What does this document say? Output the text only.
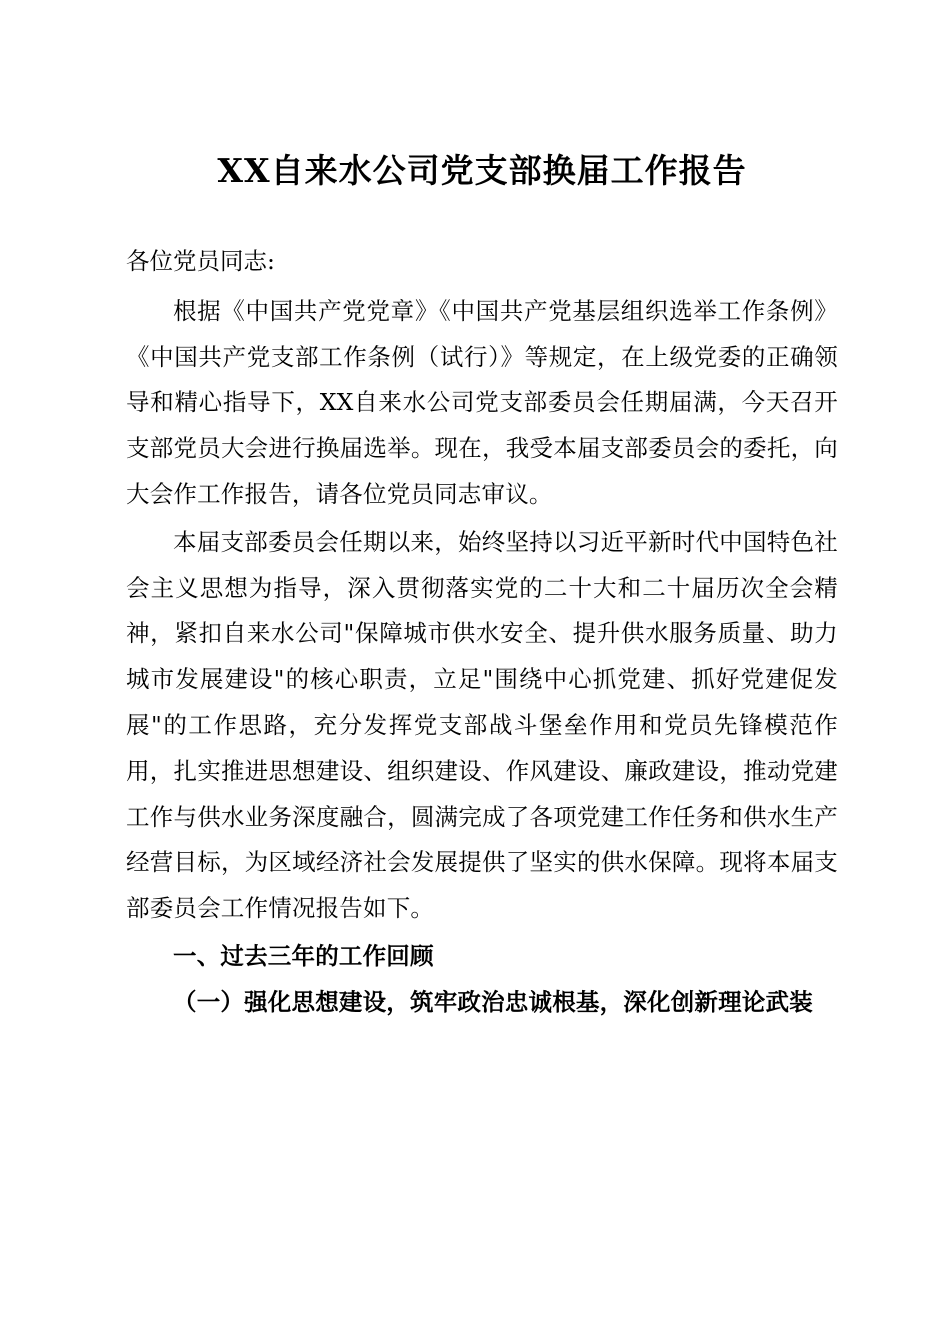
XX自来水公司党支部换届工作报告

各位党员同志:

根据《中国共产党党章》《中国共产党基层组织选举工作条例》《中国共产党支部工作条例（试行）》等规定，在上级党委的正确领导和精心指导下，XX自来水公司党支部委员会任期届满，今天召开支部党员大会进行换届选举。现在，我受本届支部委员会的委托，向大会作工作报告，请各位党员同志审议。

本届支部委员会任期以来，始终坚持以习近平新时代中国特色社会主义思想为指导，深入贯彻落实党的二十大和二十届历次全会精神，紧扣自来水公司"保障城市供水安全、提升供水服务质量、助力城市发展建设"的核心职责，立足"围绕中心抓党建、抓好党建促发展"的工作思路，充分发挥党支部战斗堡垒作用和党员先锋模范作用，扎实推进思想建设、组织建设、作风建设、廉政建设，推动党建工作与供水业务深度融合，圆满完成了各项党建工作任务和供水生产经营目标，为区域经济社会发展提供了坚实的供水保障。现将本届支部委员会工作情况报告如下。

一、过去三年的工作回顾

（一）强化思想建设，筑牢政治忠诚根基，深化创新理论武装
